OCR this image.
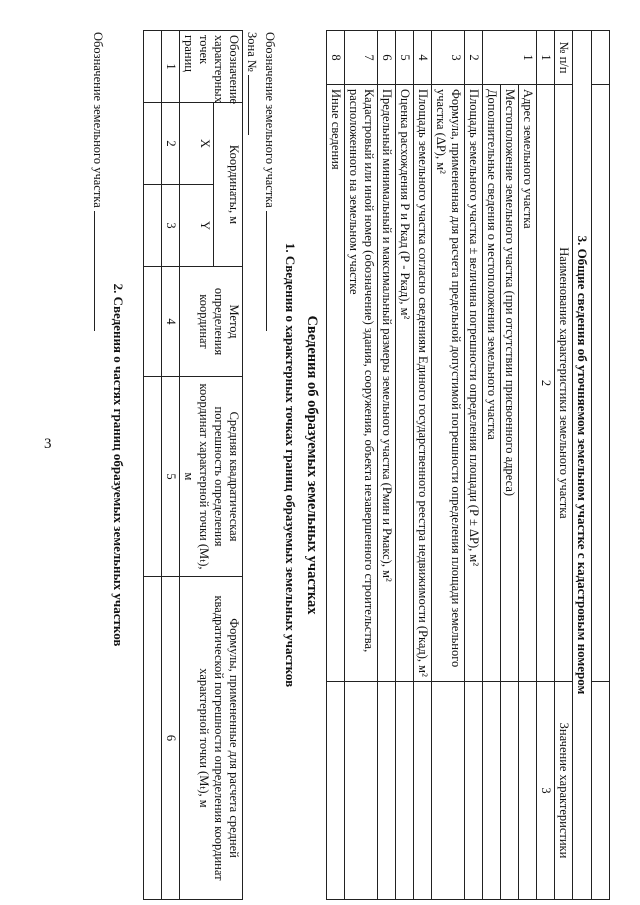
3
			3. Общие сведения об уточняемом земельном участке с кадастровым номером		
№ п/п	Наименование характеристики земельного участка	Значение характеристики
1	2	3
1	Адрес земельного участка	
	Местоположение земельного участка (при отсутствии присвоенного адреса)	
	Дополнительные сведения о местоположении земельного участка	
2	Площадь земельного участка ± величина погрешности определения площади (Р ± ΔР), м²	
3	Формула, примененная для расчета предельной допустимой погрешности определения площади земельного участка (ΔР), м²	
4	Площадь земельного участка согласно сведениям Единого государственного реестра недвижимости (Ркад), м²	
5	Оценка расхождения Р и Ркад (Р - Ркад), м²	
6	Предельный минимальный и максимальный размеры земельного участка (Рмин и Рмакс), м²	
7	Кадастровый или иной номер (обозначение) здания, сооружения, объекта незавершенного строительства, расположенного на земельном участке	
8	Иные сведения	
Сведения об образуемых земельных участках
1. Сведения о характерных точках границ образуемых земельных участков
Обозначение земельного участка
Зона №
Обозначение характерных точек границ	Координаты, м		Метод определения координат	Средняя квадратическая погрешность определения координат характерной точки (Mₜ), м	Формулы, примененные для расчета средней квадратической погрешности определения координат характерной точки (Mₜ), м
	X	Y			
1	2	3	4	5	6

2. Сведения о частях границ образуемых земельных участков
Обозначение земельного участка
